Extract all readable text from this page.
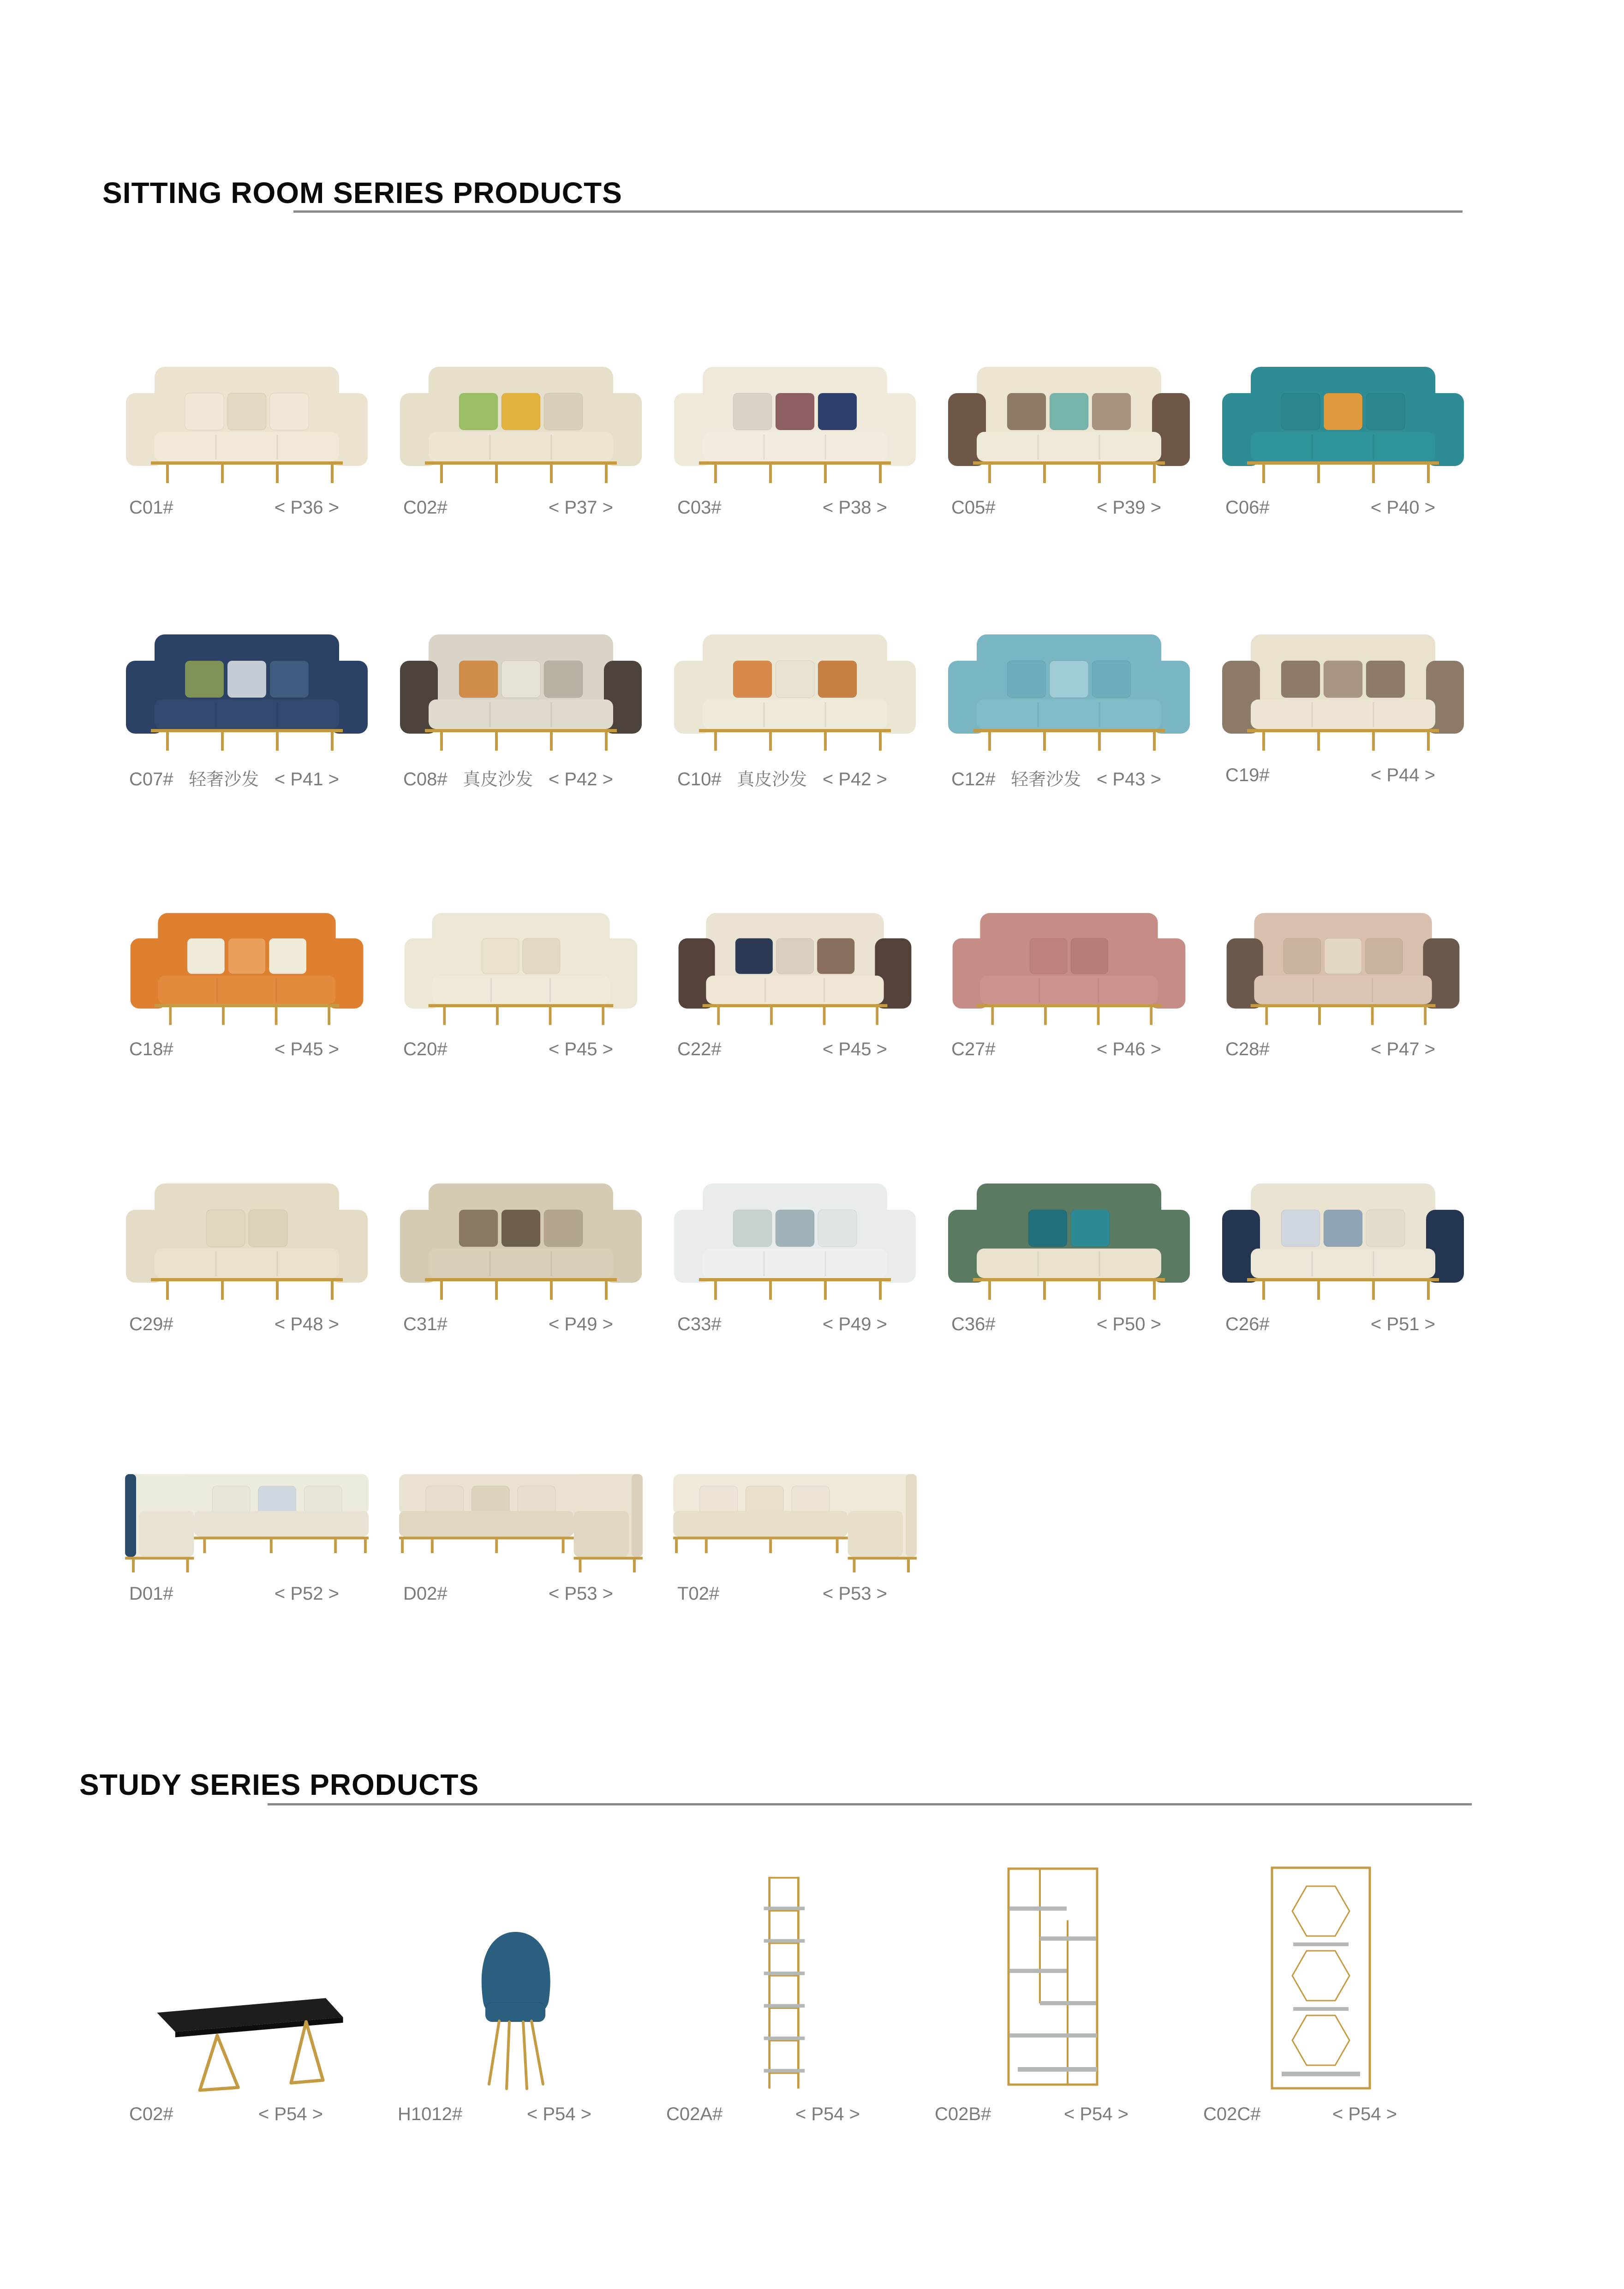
SITTING ROOM SERIES PRODUCTS
C01#	< P36 >	C02#	< P37 >	C03#	< P38 >	C05#	< P39 >	C06#	< P40 >
C07# 轻奢沙发 < P41 >	C08# 真皮沙发 < P42 >	C10# 真皮沙发 < P42 >	C12# 轻奢沙发 < P43 >	C19#	< P44 >
C18#	< P45 >	C20#	< P45 >	C22#	< P45 >	C27#	< P46 >	C28#	< P47 >
C29#	< P48 >	C31#	< P49 >	C33#	< P49 >	C36#	< P50 >	C26#	< P51 >
D01#	< P52 >	D02#	< P53 >	T02#	< P53 >
STUDY SERIES PRODUCTS
C02#	< P54 >	H1012#	< P54 >	C02A#	< P54 >	C02B#	< P54 >	C02C#	< P54 >
